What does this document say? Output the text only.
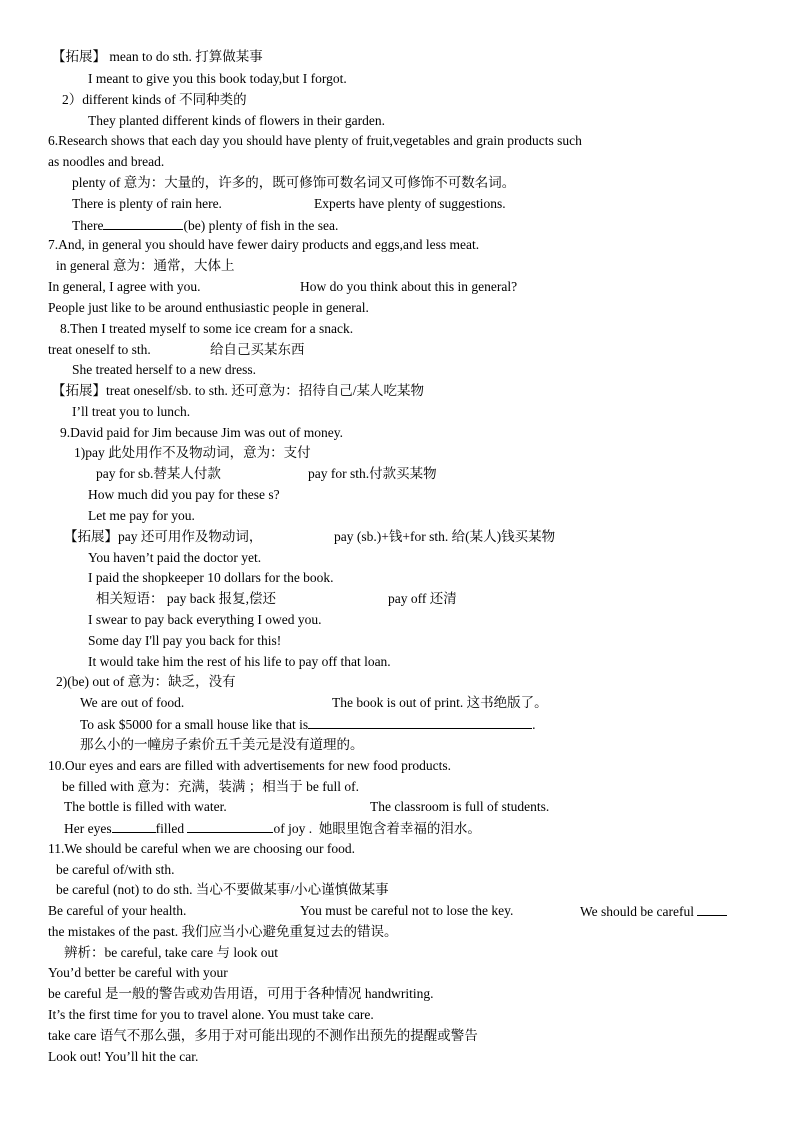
【拓展】 mean to do sth. 打算做某事
I meant to give you this book today,but I forgot.
2）different kinds of 不同种类的
They planted different kinds of flowers in their garden.
6.Research shows that each day you should have plenty of fruit,vegetables and grain products such
as noodles and bread.
plenty of 意为：大量的，许多的，既可修饰可数名词又可修饰不可数名词。
There is plenty of rain here.	Experts have plenty of suggestions.
There	(be) plenty of fish in the sea.
7.And, in general you should have fewer dairy products and eggs,and less meat.
in general 意为：通常，大体上
In general, I agree with you.	How do you think about this in general?
People just like to be around enthusiastic people in general.
8.Then I treated myself to some ice cream for a snack.
treat oneself to sth.	给自己买某东西
She treated herself to a new dress.
【拓展】treat oneself/sb. to sth. 还可意为：招待自己/某人吃某物
I’ll treat you to lunch.
9.David paid for Jim because Jim was out of money.
1)pay 此处用作不及物动词，意为：支付
pay for sb.替某人付款	pay for sth.付款买某物
How much did you pay for these s?
Let me pay for you.
【拓展】pay 还可用作及物动词，	pay (sb.)+钱+for sth. 给(某人)钱买某物
You haven’t paid the doctor yet.
I paid the shopkeeper 10 dollars for the book.
相关短语： pay back 报复,偿还	pay off 还清
I swear to pay back everything I owed you.
Some day I'll pay you back for this!
It would take him the rest of his life to pay off that loan.
2)(be) out of 意为：缺乏，没有
We are out of food.	The book is out of print. 这书绝版了。
To ask $5000 for a small house like that is	.
那么小的一幢房子索价五千美元是没有道理的。
10.Our eyes and ears are filled with advertisements for new food products.
be filled with 意为：充满，装满 ；相当于 be full of.
The bottle is filled with water.	The classroom is full of students.
Her eyes	filled	of joy . 她眼里饱含着幸福的泪水。
11.We should be careful when we are choosing our food.
be careful of/with sth.
be careful (not) to do sth. 当心不要做某事/小心谨慎做某事
Be careful of your health.	You must be careful not to lose the key.	We should be careful
the mistakes of the past. 我们应当小心避免重复过去的错误。
辨析：be careful, take care 与 look out
You’d better be careful with your
be careful 是一般的警告或劝告用语，可用于各种情况 handwriting.
It’s the first time for you to travel alone. You must take care.
take care 语气不那么强，多用于对可能出现的不测作出预先的提醒或警告
Look out! You’ll hit the car.
